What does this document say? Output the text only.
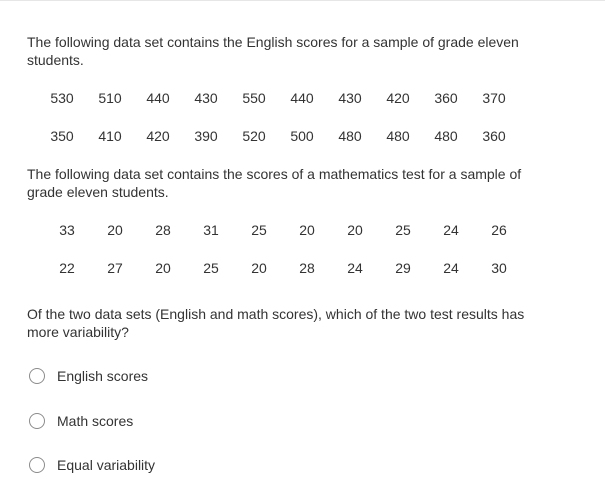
The following data set contains the English scores for a sample of grade eleven students.

530	510	440	430	550	440	430	420	360	370
350	410	420	390	520	500	480	480	480	360

The following data set contains the scores of a mathematics test for a sample of grade eleven students.

33	20	28	31	25	20	20	25	24	26
22	27	20	25	20	28	24	29	24	30

Of the two data sets (English and math scores), which of the two test results has more variability?

English scores
Math scores
Equal variability
